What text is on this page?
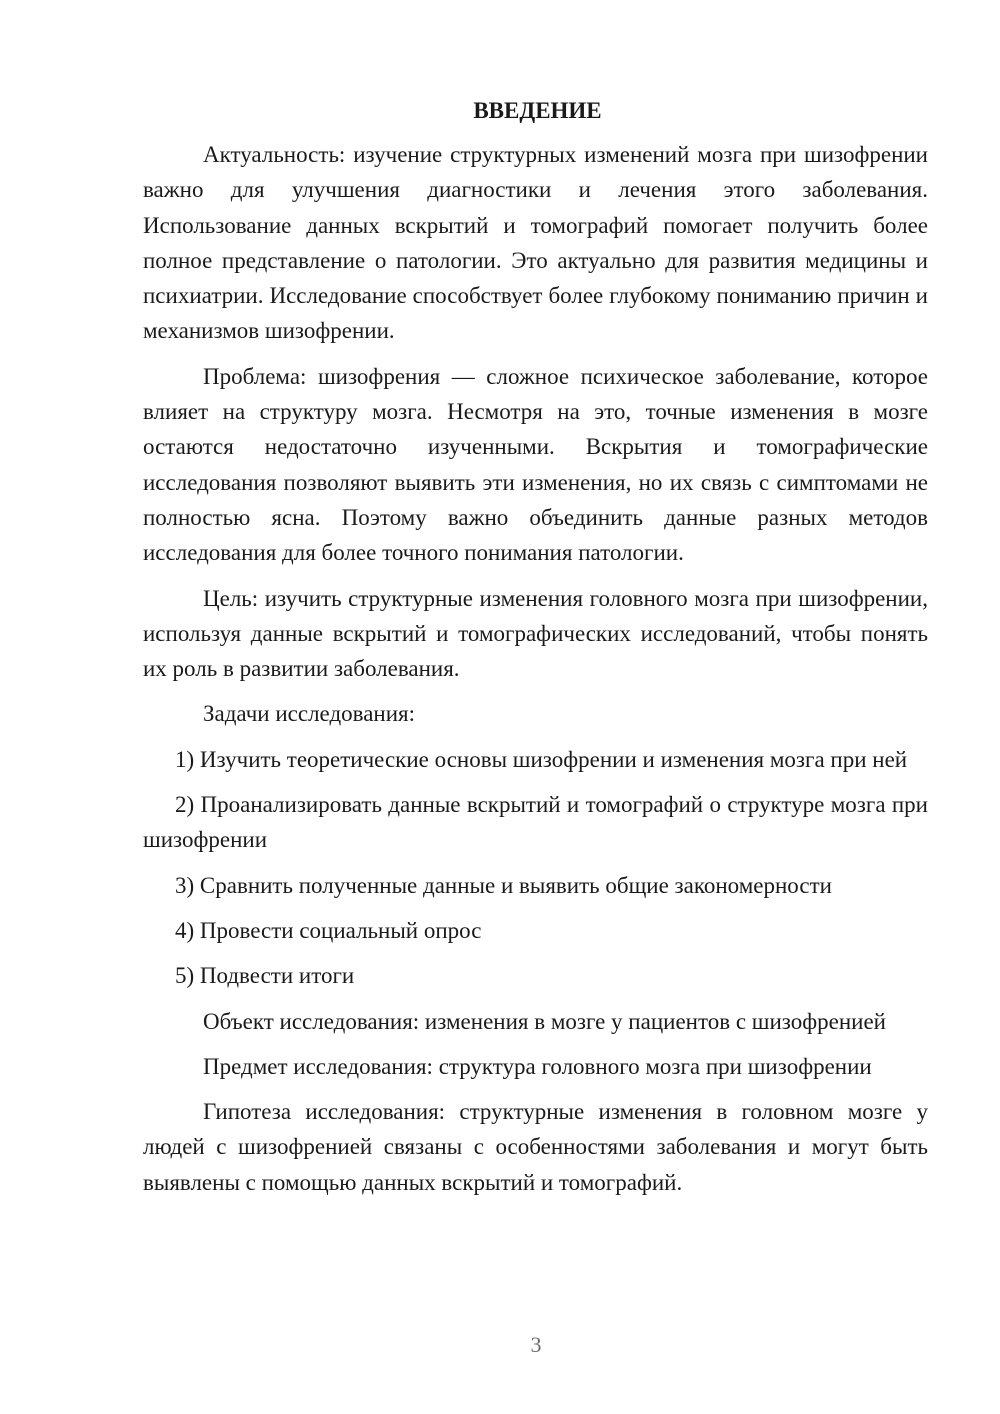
ВВЕДЕНИЕ

Актуальность: изучение структурных изменений мозга при шизофрении важно для улучшения диагностики и лечения этого заболевания. Использование данных вскрытий и томографий помогает получить более полное представление о патологии. Это актуально для развития медицины и психиатрии. Исследование способствует более глубокому пониманию причин и механизмов шизофрении.

Проблема: шизофрения — сложное психическое заболевание, которое влияет на структуру мозга. Несмотря на это, точные изменения в мозге остаются недостаточно изученными. Вскрытия и томографические исследования позволяют выявить эти изменения, но их связь с симптомами не полностью ясна. Поэтому важно объединить данные разных методов исследования для более точного понимания патологии.

Цель: изучить структурные изменения головного мозга при шизофрении, используя данные вскрытий и томографических исследований, чтобы понять их роль в развитии заболевания.

Задачи исследования:

1) Изучить теоретические основы шизофрении и изменения мозга при ней

2) Проанализировать данные вскрытий и томографий о структуре мозга при шизофрении

3) Сравнить полученные данные и выявить общие закономерности

4) Провести социальный опрос

5) Подвести итоги

Объект исследования: изменения в мозге у пациентов с шизофренией

Предмет исследования: структура головного мозга при шизофрении

Гипотеза исследования: структурные изменения в головном мозге у людей с шизофренией связаны с особенностями заболевания и могут быть выявлены с помощью данных вскрытий и томографий.

3
